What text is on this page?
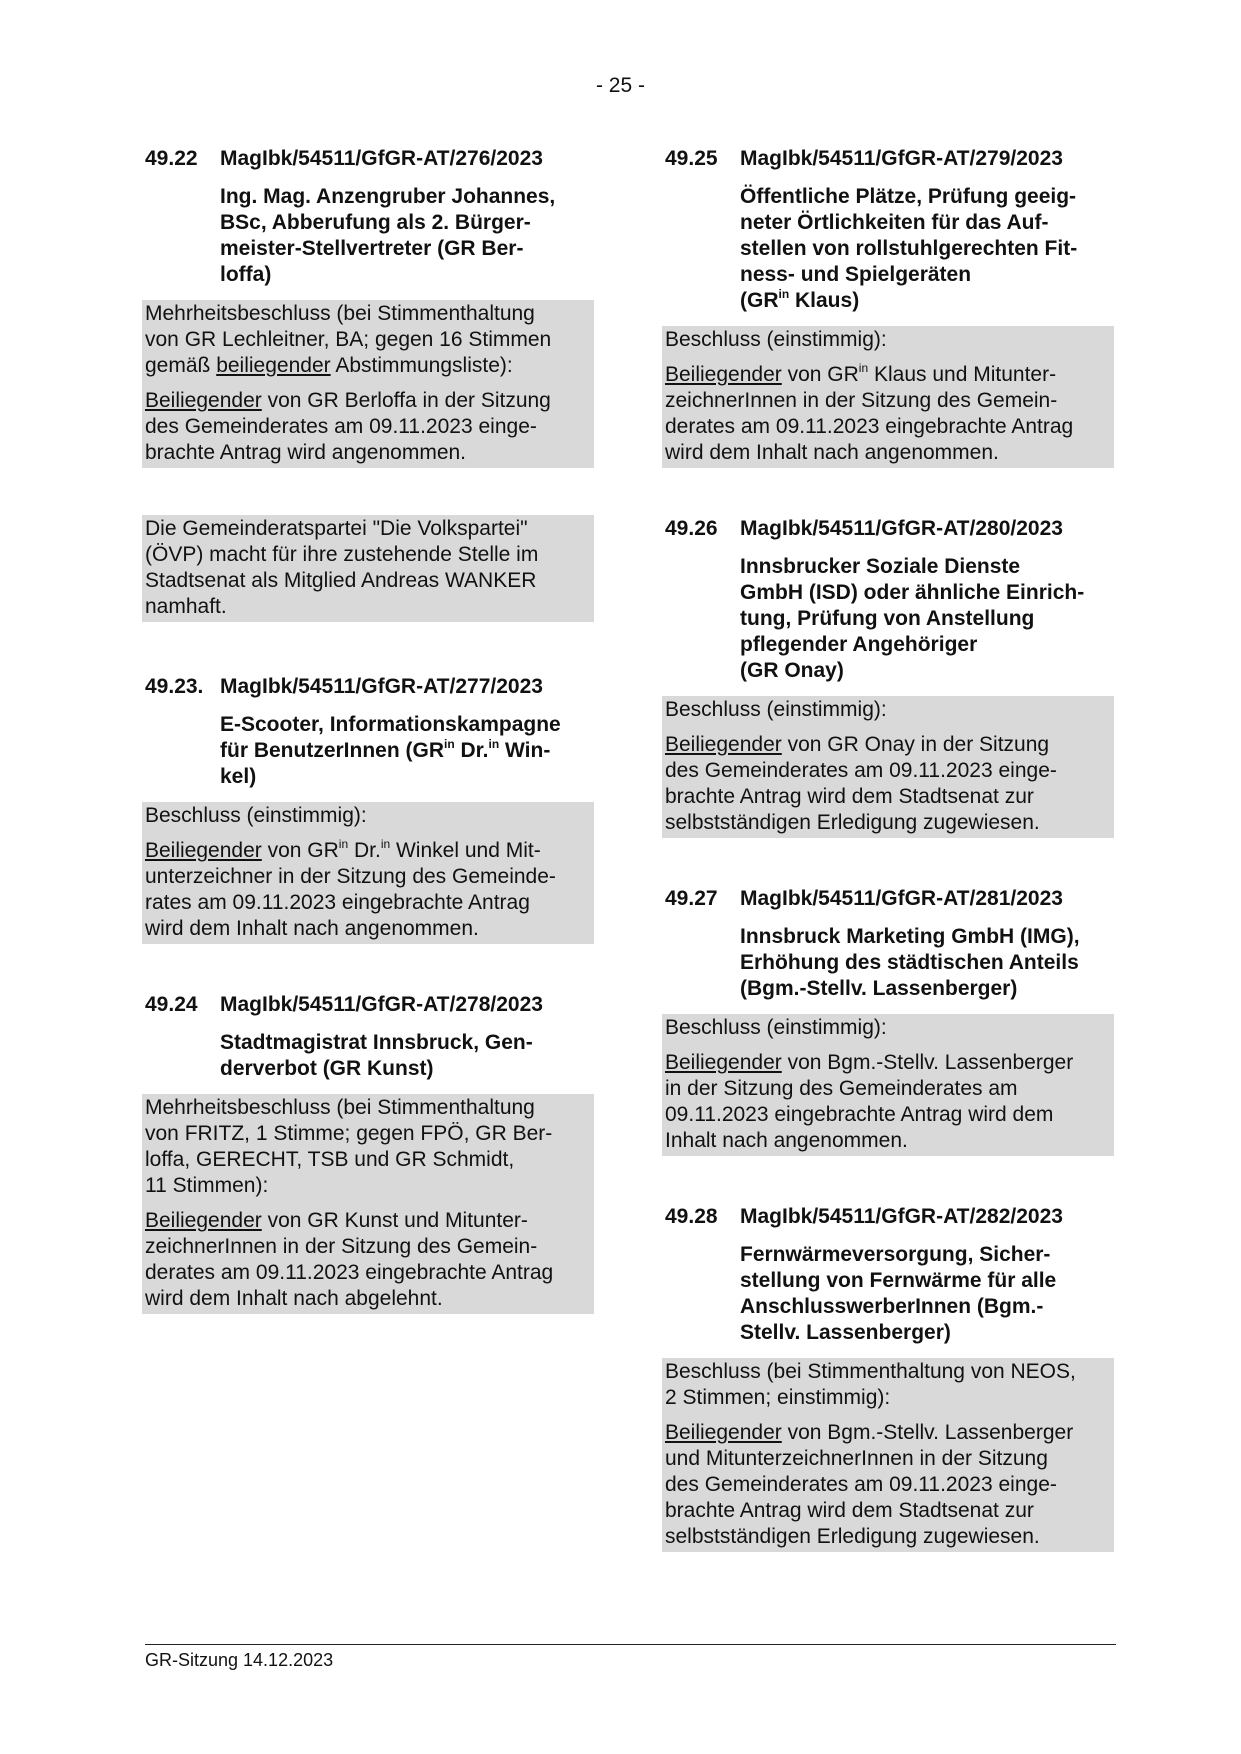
- 25 -
49.22	MagIbk/54511/GfGR-AT/276/2023
Ing. Mag. Anzengruber Johannes,
BSc, Abberufung als 2. Bürger-
meister-Stellvertreter (GR Ber-
loffa)

Mehrheitsbeschluss (bei Stimmenthaltung
von GR Lechleitner, BA; gegen 16 Stimmen
gemäß beiliegender Abstimmungsliste):

Beiliegender von GR Berloffa in der Sitzung
des Gemeinderates am 09.11.2023 einge-
brachte Antrag wird angenommen.

Die Gemeinderatspartei "Die Volkspartei"
(ÖVP) macht für ihre zustehende Stelle im
Stadtsenat als Mitglied Andreas WANKER
namhaft.

49.23. MagIbk/54511/GfGR-AT/277/2023
E-Scooter, Informationskampagne
für BenutzerInnen ($GR^{in}$ Dr.$^{in}$ Win-
kel)

Beschluss (einstimmig):

Beiliegender von $GR^{in}$ Dr.$^{in}$ Winkel und Mit-
unterzeichner in der Sitzung des Gemeinde-
rates am 09.11.2023 eingebrachte Antrag
wird dem Inhalt nach angenommen.

49.24	MagIbk/54511/GfGR-AT/278/2023
Stadtmagistrat Innsbruck, Gen-
derverbot (GR Kunst)

Mehrheitsbeschluss (bei Stimmenthaltung
von FRITZ, 1 Stimme; gegen FPÖ, GR Ber-
loffa, GERECHT, TSB und GR Schmidt,
11 Stimmen):

Beiliegender von GR Kunst und Mitunter-
zeichnerInnen in der Sitzung des Gemein-
derates am 09.11.2023 eingebrachte Antrag
wird dem Inhalt nach abgelehnt.

49.25	MagIbk/54511/GfGR-AT/279/2023
Öffentliche Plätze, Prüfung geeig-
neter Örtlichkeiten für das Auf-
stellen von rollstuhlgerechten Fit-
ness- und Spielgeräten
($GR^{in}$ Klaus)

Beschluss (einstimmig):

Beiliegender von $GR^{in}$ Klaus und Mitunter-
zeichnerInnen in der Sitzung des Gemein-
derates am 09.11.2023 eingebrachte Antrag
wird dem Inhalt nach angenommen.

49.26	MagIbk/54511/GfGR-AT/280/2023
Innsbrucker Soziale Dienste
GmbH (ISD) oder ähnliche Einrich-
tung, Prüfung von Anstellung
pflegender Angehöriger
(GR Onay)

Beschluss (einstimmig):

Beiliegender von GR Onay in der Sitzung
des Gemeinderates am 09.11.2023 einge-
brachte Antrag wird dem Stadtsenat zur
selbstständigen Erledigung zugewiesen.

49.27	MagIbk/54511/GfGR-AT/281/2023
Innsbruck Marketing GmbH (IMG),
Erhöhung des städtischen Anteils
(Bgm.-Stellv. Lassenberger)

Beschluss (einstimmig):

Beiliegender von Bgm.-Stellv. Lassenberger
in der Sitzung des Gemeinderates am
09.11.2023 eingebrachte Antrag wird dem
Inhalt nach angenommen.

49.28	MagIbk/54511/GfGR-AT/282/2023
Fernwärmeversorgung, Sicher-
stellung von Fernwärme für alle
AnschlusswerberInnen (Bgm.-
Stellv. Lassenberger)

Beschluss (bei Stimmenthaltung von NEOS,
2 Stimmen; einstimmig):

Beiliegender von Bgm.-Stellv. Lassenberger
und MitunterzeichnerInnen in der Sitzung
des Gemeinderates am 09.11.2023 einge-
brachte Antrag wird dem Stadtsenat zur
selbstständigen Erledigung zugewiesen.

GR-Sitzung 14.12.2023
